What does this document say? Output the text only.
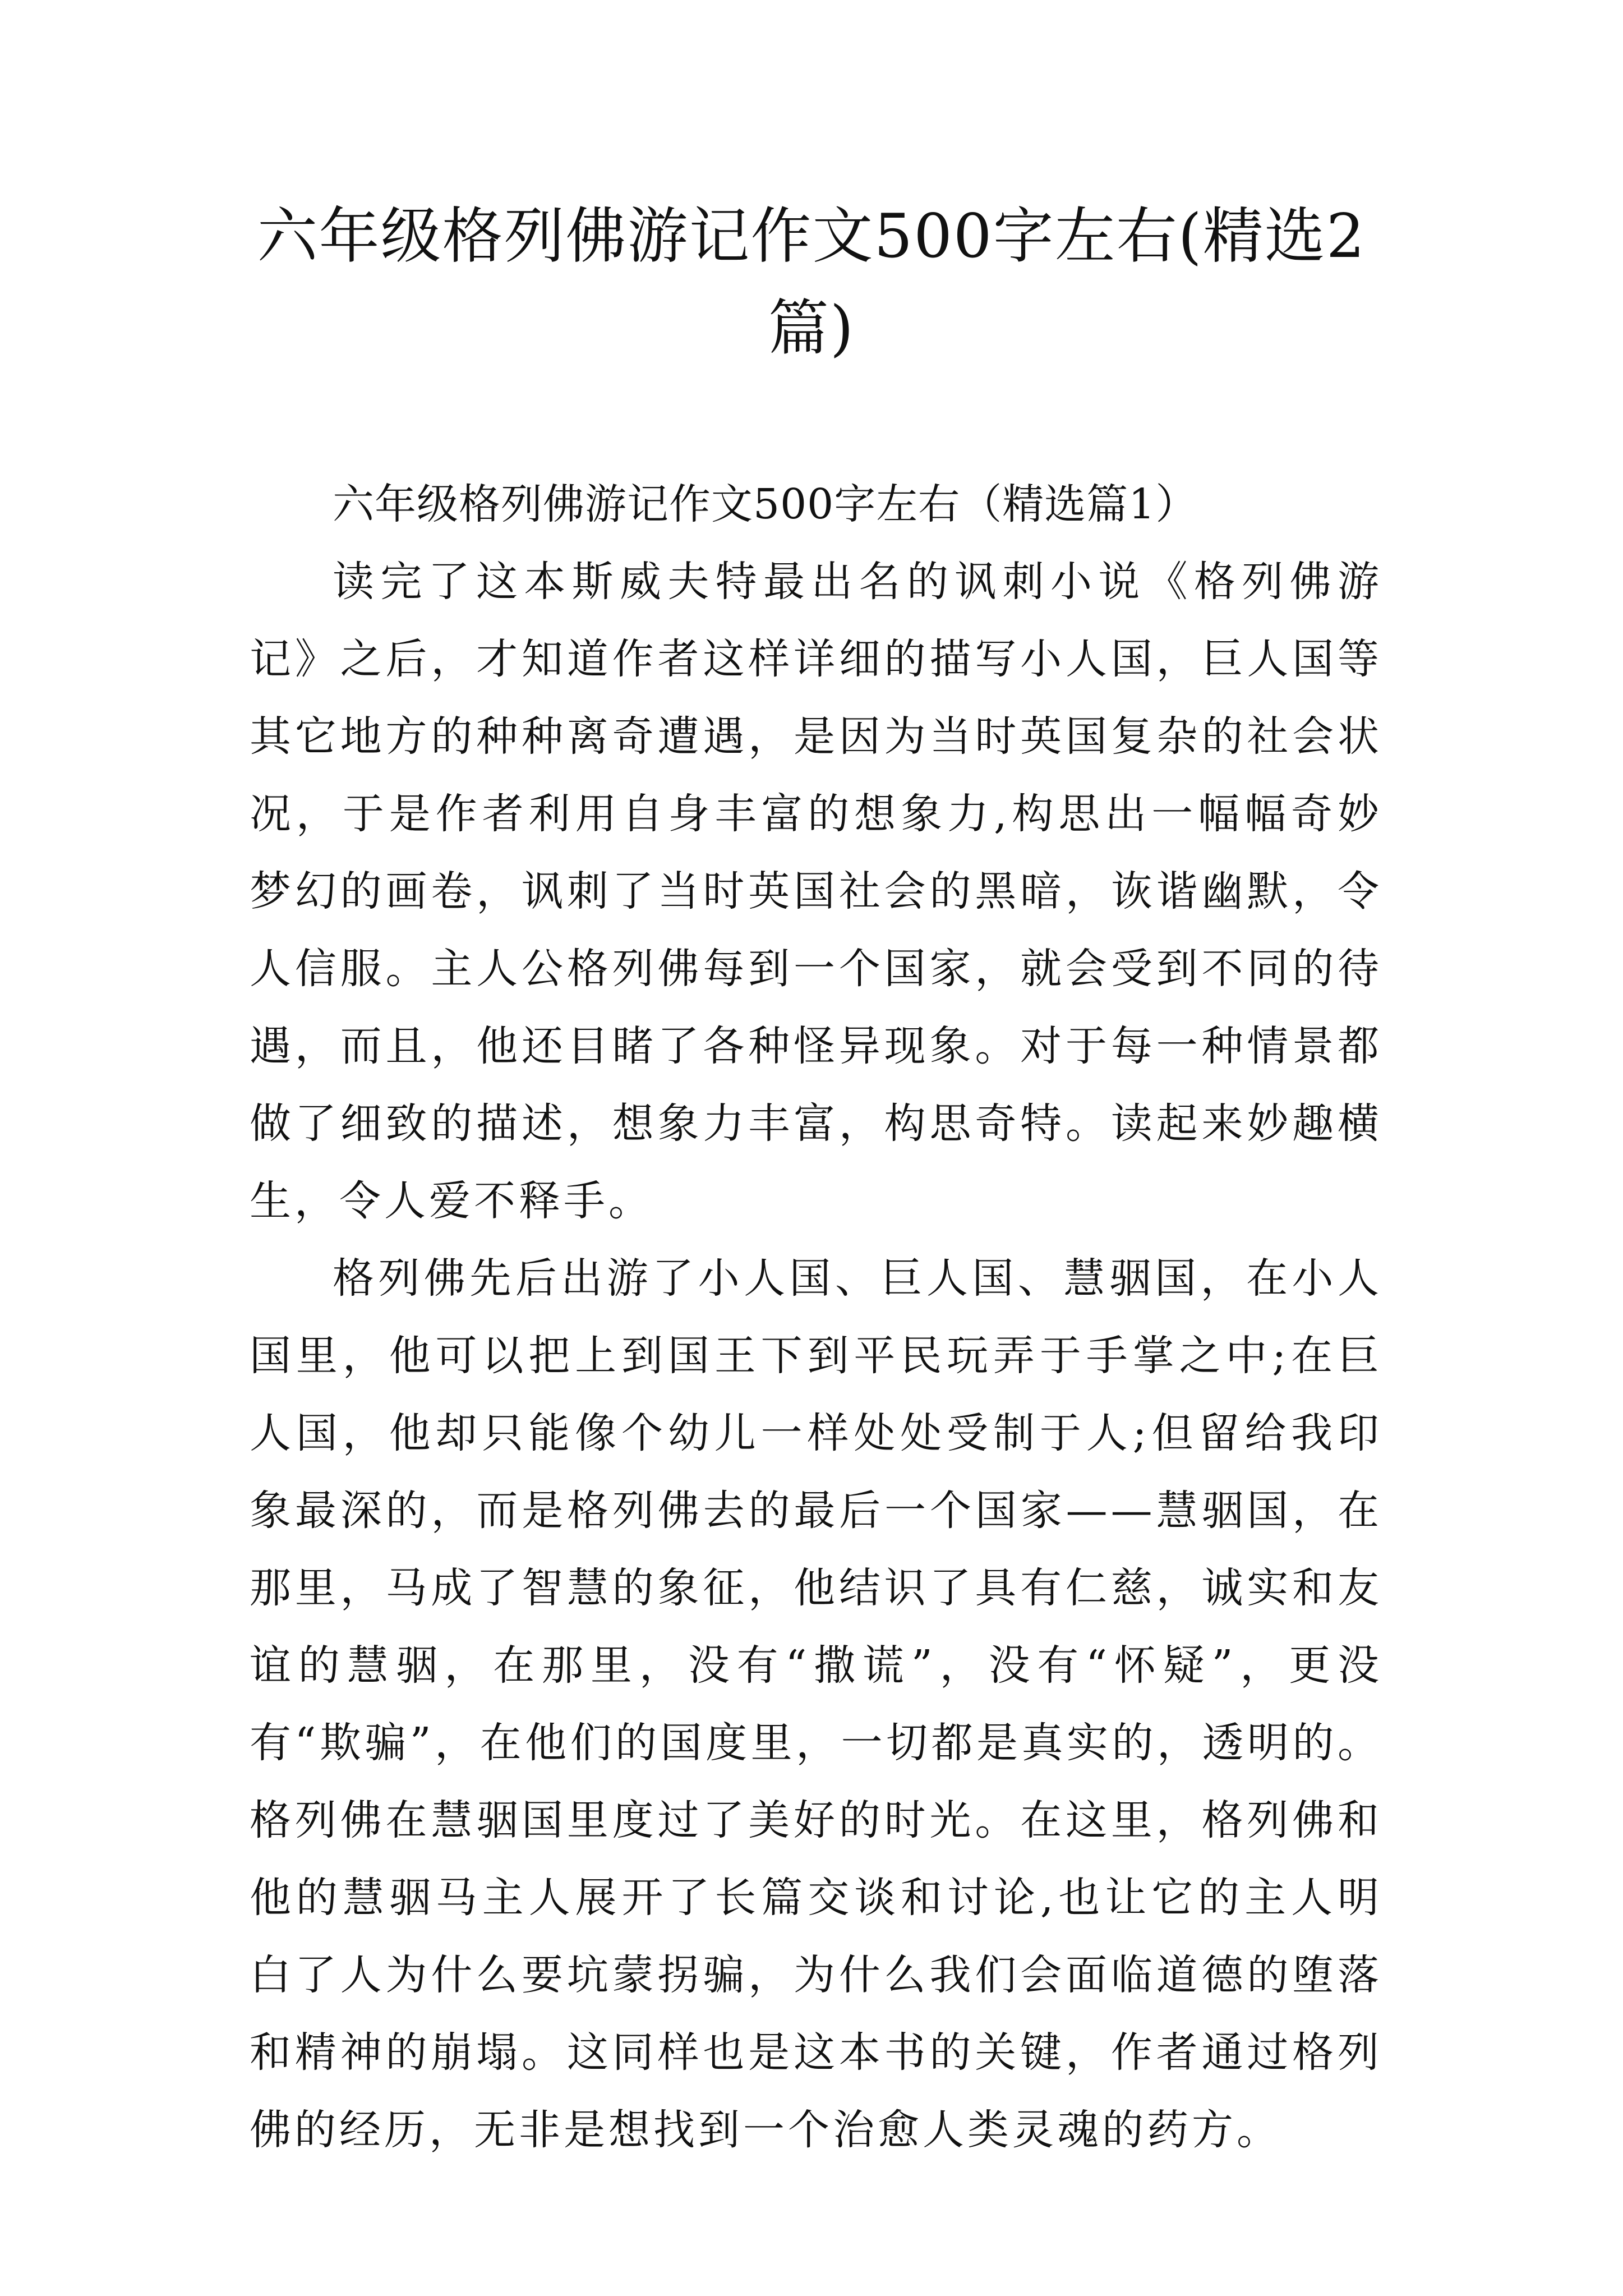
六年级格列佛游记作文500字左右(精选2篇)

六年级格列佛游记作文500字左右（精选篇1）

读完了这本斯威夫特最出名的讽刺小说《格列佛游记》之后，才知道作者这样详细的描写小人国，巨人国等其它地方的种种离奇遭遇，是因为当时英国复杂的社会状况，于是作者利用自身丰富的想象力,构思出一幅幅奇妙梦幻的画卷，讽刺了当时英国社会的黑暗，诙谐幽默，令人信服。主人公格列佛每到一个国家，就会受到不同的待遇，而且，他还目睹了各种怪异现象。对于每一种情景都做了细致的描述，想象力丰富，构思奇特。读起来妙趣横生，令人爱不释手。

格列佛先后出游了小人国、巨人国、慧骃国，在小人国里，他可以把上到国王下到平民玩弄于手掌之中;在巨人国，他却只能像个幼儿一样处处受制于人;但留给我印象最深的，而是格列佛去的最后一个国家——慧骃国，在那里，马成了智慧的象征，他结识了具有仁慈，诚实和友谊的慧骃，在那里，没有“撒谎”，没有“怀疑”，更没有“欺骗”，在他们的国度里，一切都是真实的，透明的。格列佛在慧骃国里度过了美好的时光。在这里，格列佛和他的慧骃马主人展开了长篇交谈和讨论,也让它的主人明白了人为什么要坑蒙拐骗，为什么我们会面临道德的堕落和精神的崩塌。这同样也是这本书的关键，作者通过格列佛的经历，无非是想找到一个治愈人类灵魂的药方。
